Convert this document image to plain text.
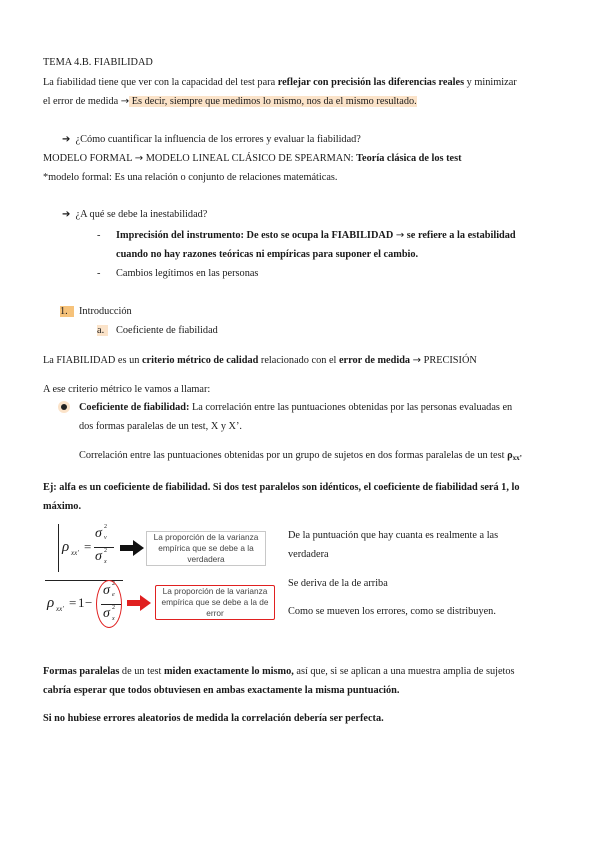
TEMA 4.B. FIABILIDAD
La fiabilidad tiene que ver con la capacidad del test para reflejar con precisión las diferencias reales y minimizar
el error de medida → Es decir, siempre que medimos lo mismo, nos da el mismo resultado.
➔ ¿Cómo cuantificar la influencia de los errores y evaluar la fiabilidad?
MODELO FORMAL → MODELO LINEAL CLÁSICO DE SPEARMAN: Teoría clásica de los test
*modelo formal: Es una relación o conjunto de relaciones matemáticas.
➔ ¿A qué se debe la inestabilidad?
- Imprecisión del instrumento: De esto se ocupa la FIABILIDAD → se refiere a la estabilidad
cuando no hay razones teóricas ni empíricas para suponer el cambio.
- Cambios legítimos en las personas
1.	Introducción
a.	Coeficiente de fiabilidad
La FIABILIDAD es un criterio métrico de calidad relacionado con el error de medida → PRECISIÓN
A ese criterio métrico le vamos a llamar:
Coeficiente de fiabilidad: La correlación entre las puntuaciones obtenidas por las personas evaluadas en
dos formas paralelas de un test, X y X’.
Correlación entre las puntuaciones obtenidas por un grupo de sujetos en dos formas paralelas de un test ρxx’
Ej: alfa es un coeficiente de fiabilidad. Si dos test paralelos son idénticos, el coeficiente de fiabilidad será 1, lo
máximo.
ρ xx' =
σ 2
v
σ 2
x
La proporción de la varianza
empírica que se debe a la
verdadera
ρ xx' = 1 −
σ 2
e
σ 2
x
La proporción de la varianza
empírica que se debe a la de
error
De la puntuación que hay cuanta es realmente a las
verdadera
Se deriva de la de arriba
Como se mueven los errores, como se distribuyen.
Formas paralelas de un test miden exactamente lo mismo, así que, si se aplican a una muestra amplia de sujetos
cabría esperar que todos obtuviesen en ambas exactamente la misma puntuación.
Si no hubiese errores aleatorios de medida la correlación debería ser perfecta.
